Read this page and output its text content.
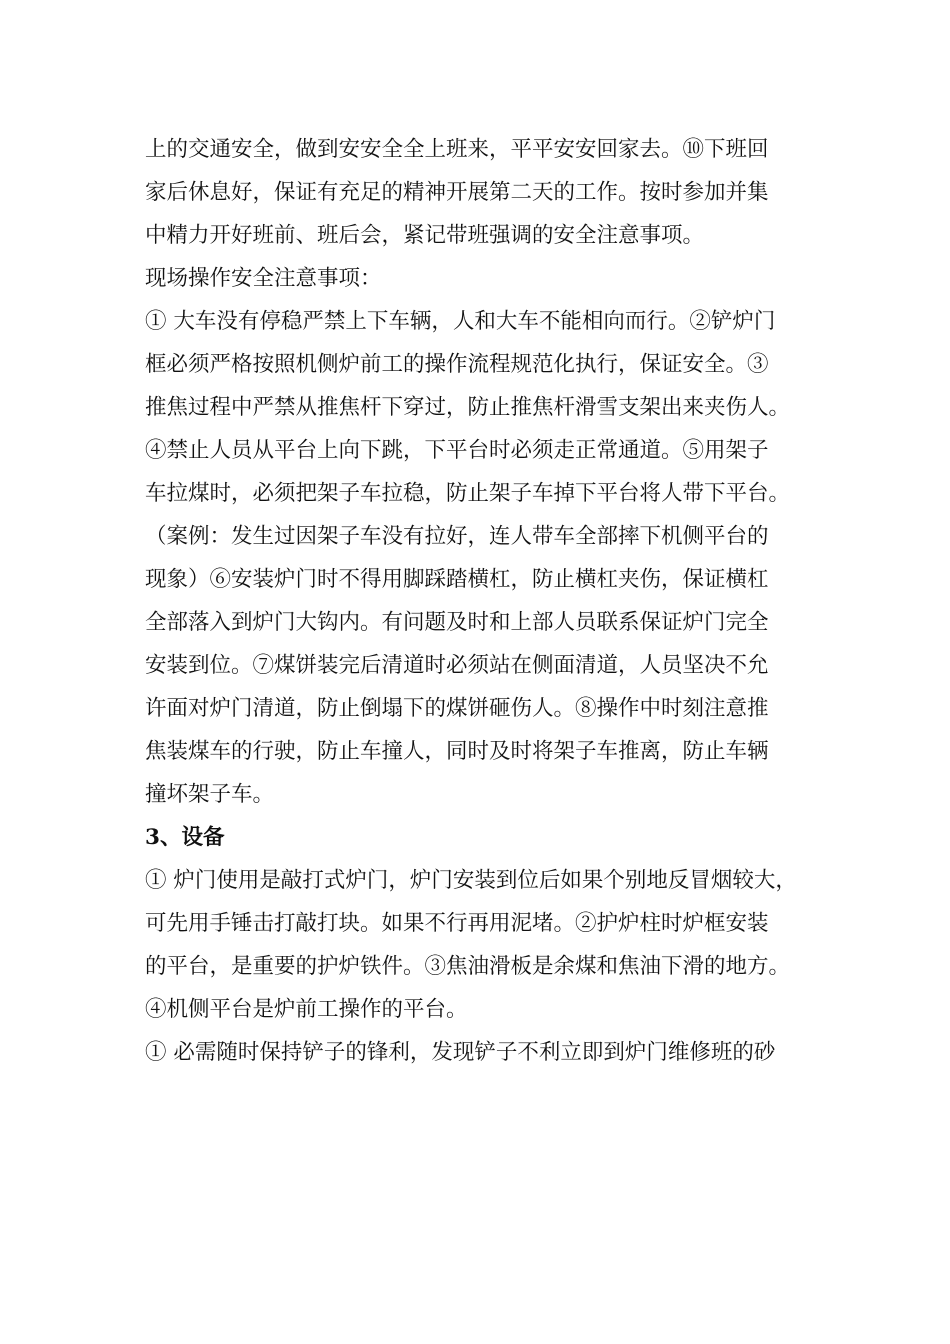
上的交通安全，做到安安全全上班来，平平安安回家去。⑩下班回
家后休息好，保证有充足的精神开展第二天的工作。按时参加并集
中精力开好班前、班后会，紧记带班强调的安全注意事项。
现场操作安全注意事项：
① 大车没有停稳严禁上下车辆，人和大车不能相向而行。②铲炉门
框必须严格按照机侧炉前工的操作流程规范化执行，保证安全。③
推焦过程中严禁从推焦杆下穿过，防止推焦杆滑雪支架出来夹伤人。
④禁止人员从平台上向下跳，下平台时必须走正常通道。⑤用架子
车拉煤时，必须把架子车拉稳，防止架子车掉下平台将人带下平台。
（案例：发生过因架子车没有拉好，连人带车全部摔下机侧平台的
现象）⑥安装炉门时不得用脚踩踏横杠，防止横杠夹伤，保证横杠
全部落入到炉门大钩内。有问题及时和上部人员联系保证炉门完全
安装到位。⑦煤饼装完后清道时必须站在侧面清道，人员坚决不允
许面对炉门清道，防止倒塌下的煤饼砸伤人。⑧操作中时刻注意推
焦装煤车的行驶，防止车撞人，同时及时将架子车推离，防止车辆
撞坏架子车。
3、设备
① 炉门使用是敲打式炉门，炉门安装到位后如果个别地反冒烟较大，
可先用手锤击打敲打块。如果不行再用泥堵。②护炉柱时炉框安装
的平台，是重要的护炉铁件。③焦油滑板是余煤和焦油下滑的地方。
④机侧平台是炉前工操作的平台。
① 必需随时保持铲子的锋利，发现铲子不利立即到炉门维修班的砂
